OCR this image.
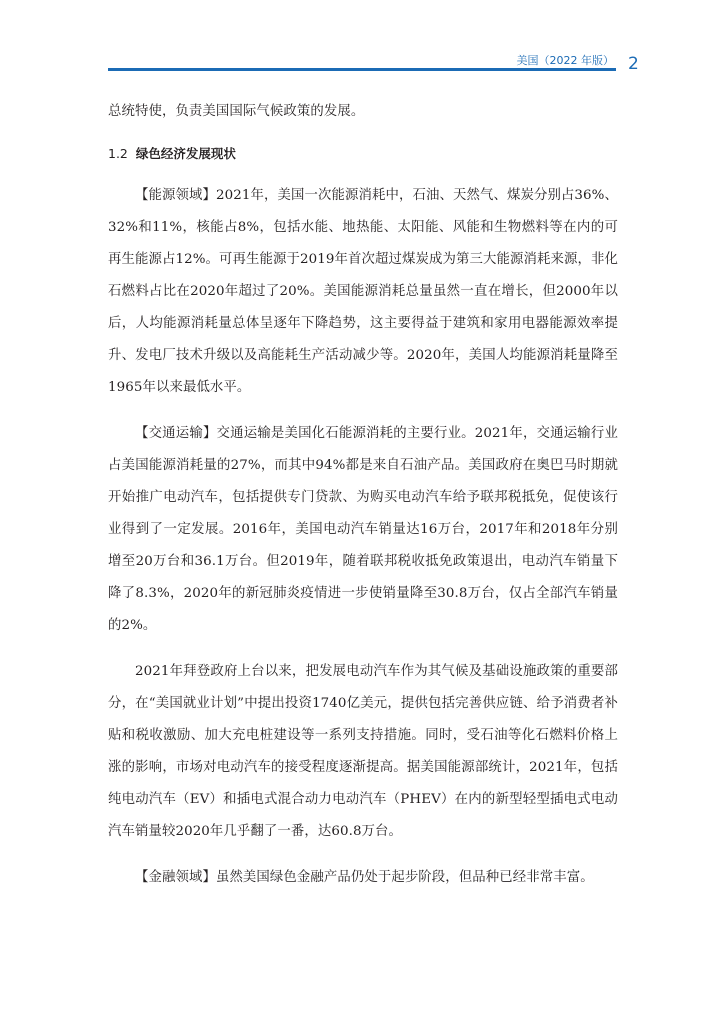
美国（2022 年版） 2

总统特使，负责美国国际气候政策的发展。

1.2 绿色经济发展现状

【能源领域】2021年，美国一次能源消耗中，石油、天然气、煤炭分别占36%、32%和11%，核能占8%，包括水能、地热能、太阳能、风能和生物燃料等在内的可再生能源占12%。可再生能源于2019年首次超过煤炭成为第三大能源消耗来源，非化石燃料占比在2020年超过了20%。美国能源消耗总量虽然一直在增长，但2000年以后，人均能源消耗量总体呈逐年下降趋势，这主要得益于建筑和家用电器能源效率提升、发电厂技术升级以及高能耗生产活动减少等。2020年，美国人均能源消耗量降至1965年以来最低水平。

【交通运输】交通运输是美国化石能源消耗的主要行业。2021年，交通运输行业占美国能源消耗量的27%，而其中94%都是来自石油产品。美国政府在奥巴马时期就开始推广电动汽车，包括提供专门贷款、为购买电动汽车给予联邦税抵免，促使该行业得到了一定发展。2016年，美国电动汽车销量达16万台，2017年和2018年分别增至20万台和36.1万台。但2019年，随着联邦税收抵免政策退出，电动汽车销量下降了8.3%，2020年的新冠肺炎疫情进一步使销量降至30.8万台，仅占全部汽车销量的2%。

2021年拜登政府上台以来，把发展电动汽车作为其气候及基础设施政策的重要部分，在“美国就业计划”中提出投资1740亿美元，提供包括完善供应链、给予消费者补贴和税收激励、加大充电桩建设等一系列支持措施。同时，受石油等化石燃料价格上涨的影响，市场对电动汽车的接受程度逐渐提高。据美国能源部统计，2021年，包括纯电动汽车（EV）和插电式混合动力电动汽车（PHEV）在内的新型轻型插电式电动汽车销量较2020年几乎翻了一番，达60.8万台。

【金融领域】虽然美国绿色金融产品仍处于起步阶段，但品种已经非常丰富。
